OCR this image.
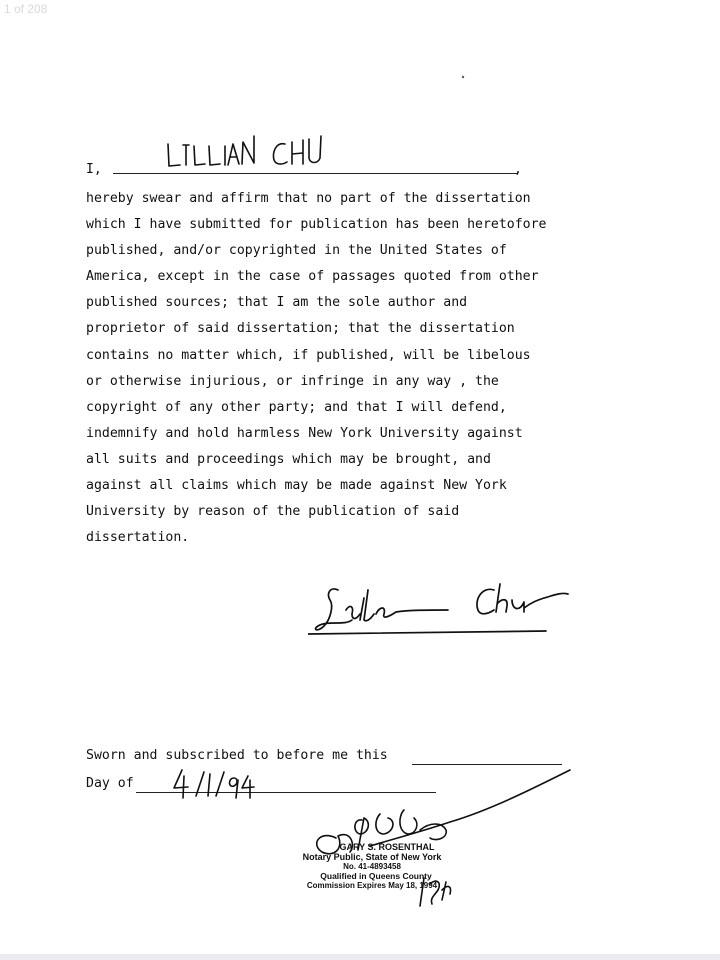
1 of 208
I,	,
hereby swear and affirm that no part of the dissertation
which I have submitted for publication has been heretofore
published, and/or copyrighted in the United States of
America, except in the case of passages quoted from other
published sources; that I am the sole author and
proprietor of said dissertation; that the dissertation
contains no matter which, if published, will be libelous
or otherwise injurious, or infringe in any way , the
copyright of any other party; and that I will defend,
indemnify and hold harmless New York University against
all suits and proceedings which may be brought, and
against all claims which may be made against New York
University by reason of the publication of said
dissertation.
Sworn and subscribed to before me this
Day of
GARY S. ROSENTHAL
Notary Public, State of New York
No. 41-4893458
Qualified in Queens County
Commission Expires May 18, 1994
